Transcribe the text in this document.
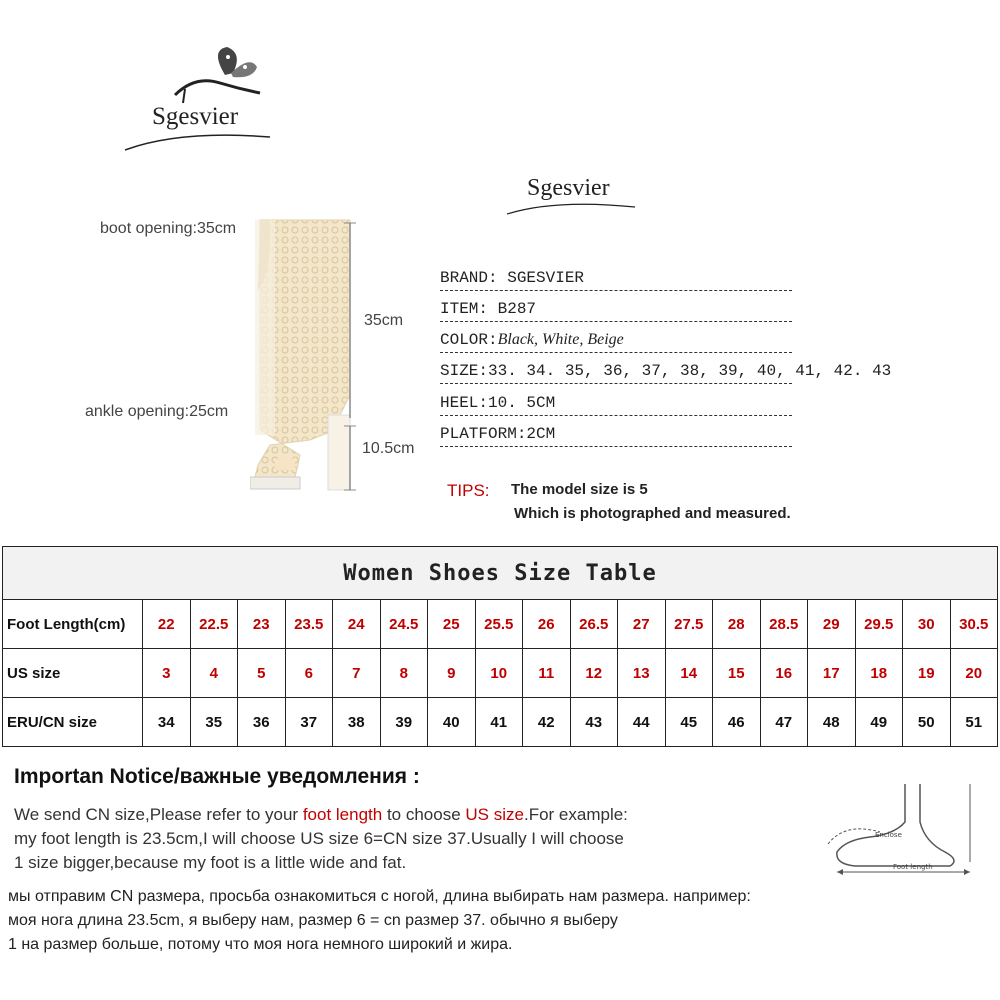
Sgesvier
Sgesvier
boot opening:35cm
ankle opening:25cm
35cm
10.5cm
BRAND: SGESVIER
ITEM: B287
COLOR:Black, White, Beige
SIZE:33. 34. 35, 36, 37, 38, 39, 40, 41, 42. 43
HEEL:10. 5CM
PLATFORM:2CM
TIPS: The model size is 5
Which is photographed and measured.
Women Shoes Size Table																		
Foot Length(cm)	22	22.5	23	23.5	24	24.5	25	25.5	26	26.5	27	27.5	28	28.5	29	29.5	30	30.5
US size	3	4	5	6	7	8	9	10	11	12	13	14	15	16	17	18	19	20
ERU/CN size	34	35	36	37	38	39	40	41	42	43	44	45	46	47	48	49	50	51
Importan Notice/важные уведомления :
We send CN size,Please refer to your foot length to choose US size.For example:
my foot length is 23.5cm,I will choose US size 6=CN size 37.Usually I will choose
1 size bigger,because my foot is a little wide and fat.
мы отправим CN размера, просьба ознакомиться с ногой, длина выбирать нам размера. например:
моя нога длина 23.5cm, я выберу нам, размер 6 = cn размер 37. обычно я выберу
1 на размер больше, потому что моя нога немного широкий и жира.
Enclose
Foot length
